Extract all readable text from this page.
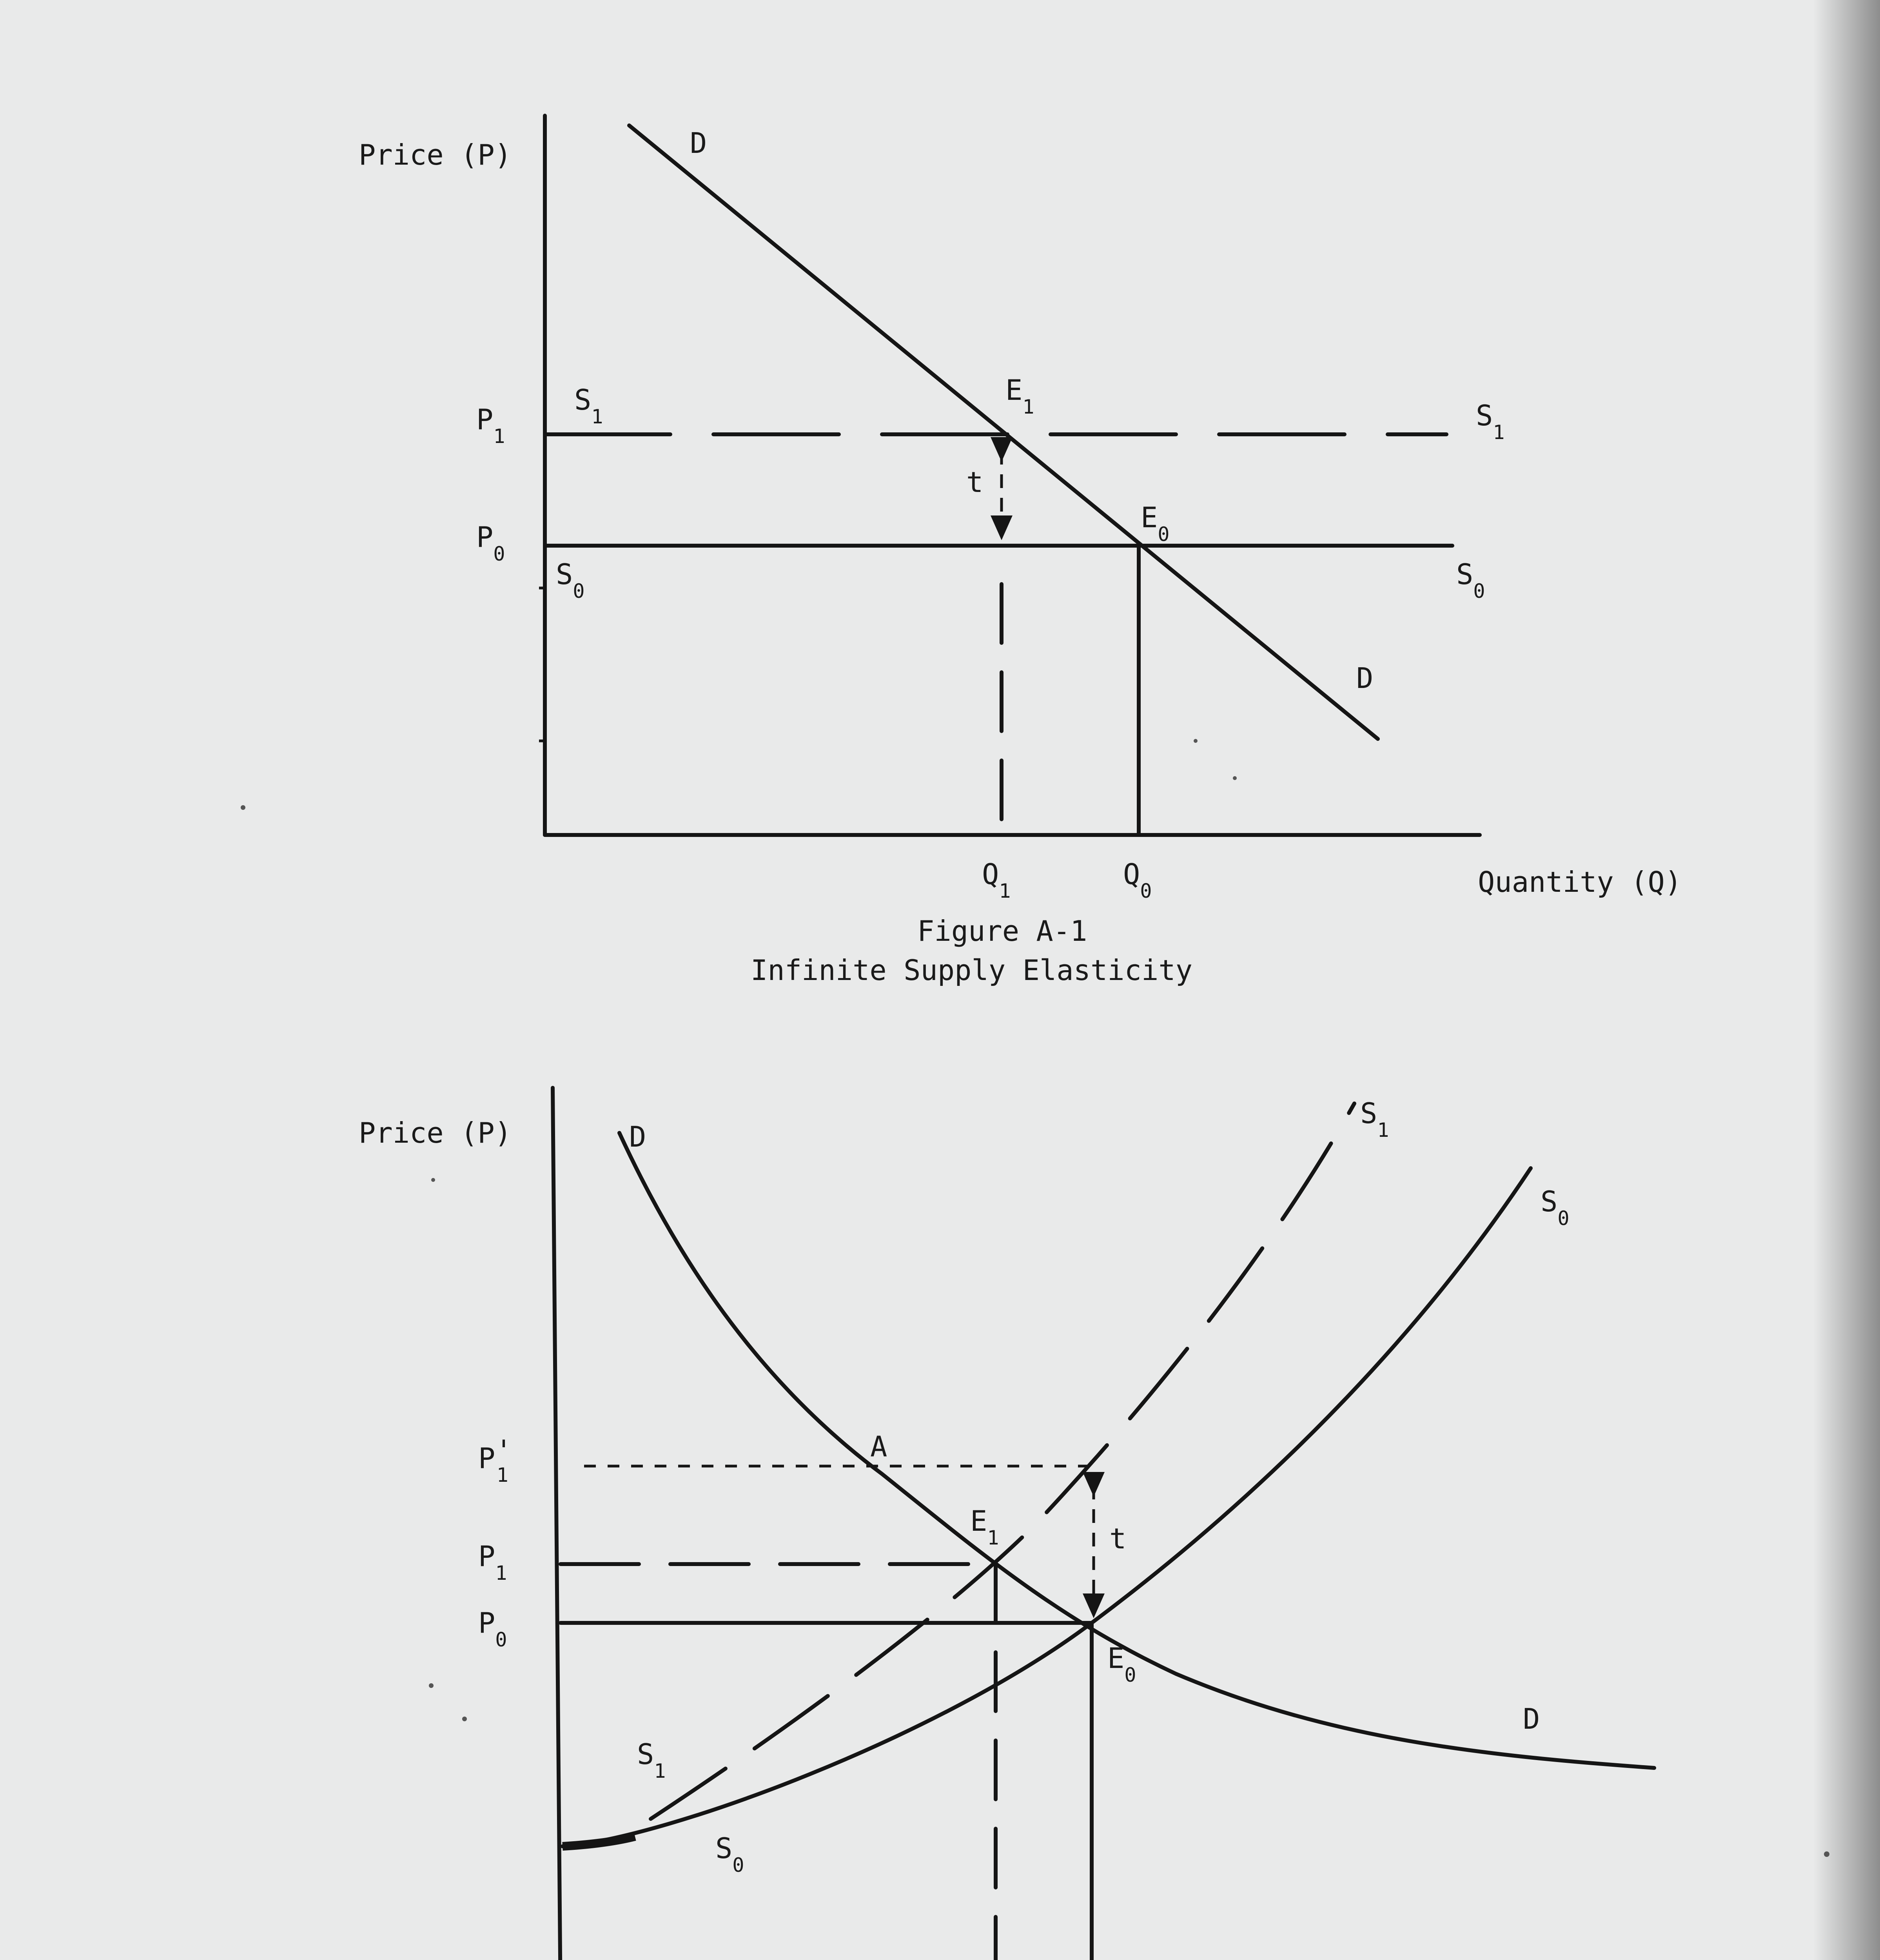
Price (P)
Quantity (Q)
$P_1$
$P_0$
$Q_1$
$Q_0$
D
D
$S_1$	$S_1$
$S_0$
$S_0$
$E_1$
$E_0$
t
Figure A-1
Infinite Supply Elasticity
Price (P)
P' 1
$P_1$
$P_0$
D
D
$S_1$
$S_0$
$S_1$
$S_0$
A
$E_1$
$E_0$
t
